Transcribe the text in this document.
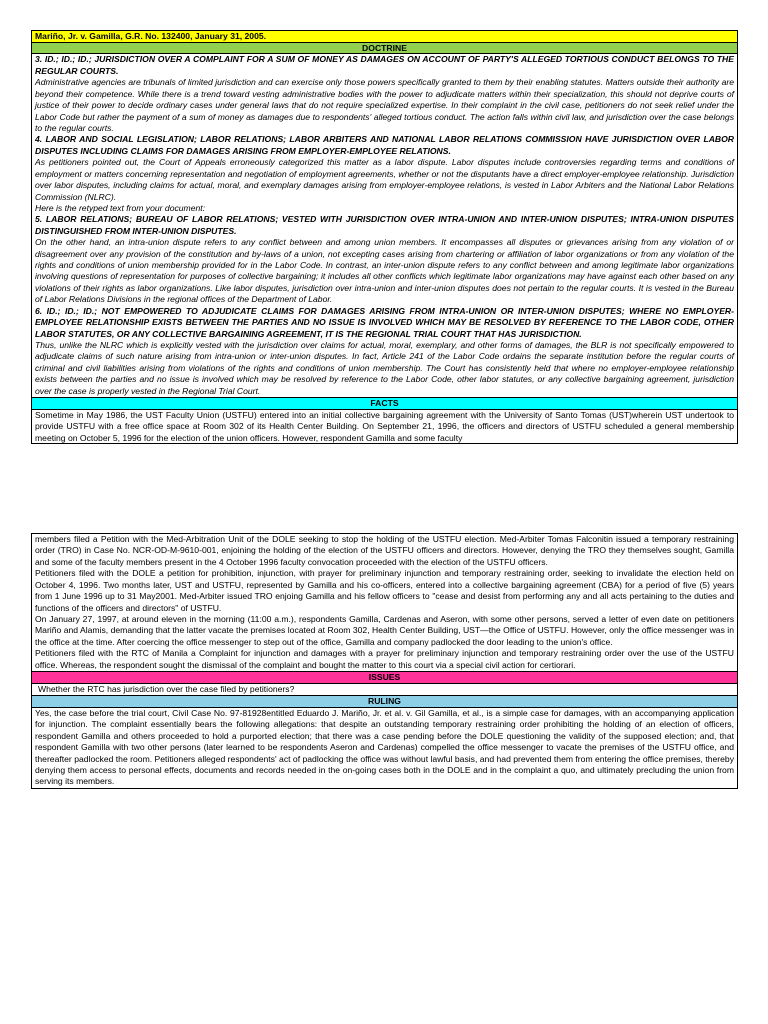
Mariño, Jr. v. Gamilla, G.R. No. 132400, January 31, 2005.
DOCTRINE

3. ID.; ID.; ID.; JURISDICTION OVER A COMPLAINT FOR A SUM OF MONEY AS DAMAGES ON ACCOUNT OF PARTY'S ALLEGED TORTIOUS CONDUCT BELONGS TO THE REGULAR COURTS.

Administrative agencies are tribunals of limited jurisdiction and can exercise only those powers specifically granted to them by their enabling statutes. Matters outside their authority are beyond their competence. While there is a trend toward vesting administrative bodies with the power to adjudicate matters within their specialization, this should not deprive courts of justice of their power to decide ordinary cases under general laws that do not require specialized expertise. In their complaint in the civil case, petitioners do not seek relief under the Labor Code but rather the payment of a sum of money as damages due to respondents' alleged tortious conduct. The action falls within civil law, and jurisdiction over the case belongs to the regular courts.

4. LABOR AND SOCIAL LEGISLATION; LABOR RELATIONS; LABOR ARBITERS AND NATIONAL LABOR RELATIONS COMMISSION HAVE JURISDICTION OVER LABOR DISPUTES INCLUDING CLAIMS FOR DAMAGES ARISING FROM EMPLOYER-EMPLOYEE RELATIONS.

As petitioners pointed out, the Court of Appeals erroneously categorized this matter as a labor dispute. Labor disputes include controversies regarding terms and conditions of employment or matters concerning representation and negotiation of employment agreements, whether or not the disputants have a direct employer-employee relationship. Jurisdiction over labor disputes, including claims for actual, moral, and exemplary damages arising from employer-employee relations, is vested in Labor Arbiters and the National Labor Relations Commission (NLRC).

Here is the retyped text from your document:

5. LABOR RELATIONS; BUREAU OF LABOR RELATIONS; VESTED WITH JURISDICTION OVER INTRA-UNION AND INTER-UNION DISPUTES; INTRA-UNION DISPUTES DISTINGUISHED FROM INTER-UNION DISPUTES.

On the other hand, an intra-union dispute refers to any conflict between and among union members. It encompasses all disputes or grievances arising from any violation of or disagreement over any provision of the constitution and by-laws of a union, not excepting cases arising from chartering or affiliation of labor organizations or from any violation of the rights and conditions of union membership provided for in the Labor Code. In contrast, an inter-union dispute refers to any conflict between and among legitimate labor organizations involving questions of representation for purposes of collective bargaining; it includes all other conflicts which legitimate labor organizations may have against each other based on any violations of their rights as labor organizations. Like labor disputes, jurisdiction over intra-union and inter-union disputes does not pertain to the regular courts. It is vested in the Bureau of Labor Relations Divisions in the regional offices of the Department of Labor.

6. ID.; ID.; ID.; NOT EMPOWERED TO ADJUDICATE CLAIMS FOR DAMAGES ARISING FROM INTRA-UNION OR INTER-UNION DISPUTES; WHERE NO EMPLOYER-EMPLOYEE RELATIONSHIP EXISTS BETWEEN THE PARTIES AND NO ISSUE IS INVOLVED WHICH MAY BE RESOLVED BY REFERENCE TO THE LABOR CODE, OTHER LABOR STATUTES, OR ANY COLLECTIVE BARGAINING AGREEMENT, IT IS THE REGIONAL TRIAL COURT THAT HAS JURISDICTION.

Thus, unlike the NLRC which is explicitly vested with the jurisdiction over claims for actual, moral, exemplary, and other forms of damages, the BLR is not specifically empowered to adjudicate claims of such nature arising from intra-union or inter-union disputes. In fact, Article 241 of the Labor Code ordains the separate institution before the regular courts of criminal and civil liabilities arising from violations of the rights and conditions of union membership. The Court has consistently held that where no employer-employee relationship exists between the parties and no issue is involved which may be resolved by reference to the Labor Code, other labor statutes, or any collective bargaining agreement, jurisdiction over the case is properly vested in the Regional Trial Court.

FACTS

Sometime in May 1986, the UST Faculty Union (USTFU) entered into an initial collective bargaining agreement with the University of Santo Tomas (UST)wherein UST undertook to provide USTFU with a free office space at Room 302 of its Health Center Building. On September 21, 1996, the officers and directors of USTFU scheduled a general membership meeting on October 5, 1996 for the election of the union officers. However, respondent Gamilla and some faculty

members filed a Petition with the Med-Arbitration Unit of the DOLE seeking to stop the holding of the USTFU election. Med-Arbiter Tomas Falconitin issued a temporary restraining order (TRO) in Case No. NCR-OD-M-9610-001, enjoining the holding of the election of the USTFU officers and directors. However, denying the TRO they themselves sought, Gamilla and some of the faculty members present in the 4 October 1996 faculty convocation proceeded with the election of the USTFU officers.

Petitioners filed with the DOLE a petition for prohibition, injunction, with prayer for preliminary injunction and temporary restraining order, seeking to invalidate the election held on October 4, 1996. Two months later, UST and USTFU, represented by Gamilla and his co-officers, entered into a collective bargaining agreement (CBA) for a period of five (5) years from 1 June 1996 up to 31 May2001. Med-Arbiter issued TRO enjoing Gamilla and his fellow officers to "cease and desist from performing any and all acts pertaining to the duties and functions of the officers and directors" of USTFU.

On January 27, 1997, at around eleven in the morning (11:00 a.m.), respondents Gamilla, Cardenas and Aseron, with some other persons, served a letter of even date on petitioners Mariño and Alamis, demanding that the latter vacate the premises located at Room 302, Health Center Building, UST—the Office of USTFU. However, only the office messenger was in the office at the time. After coercing the office messenger to step out of the office, Gamilla and company padlocked the door leading to the union's office.

Petitioners filed with the RTC of Manila a Complaint for injunction and damages with a prayer for preliminary injunction and temporary restraining order over the use of the USTFU office. Whereas, the respondent sought the dismissal of the complaint and bought the matter to this court via a special civil action for certiorari.

ISSUES

Whether the RTC has jurisdiction over the case filed by petitioners?

RULING

Yes, the case before the trial court, Civil Case No. 97-81928entitled Eduardo J. Mariño, Jr. et al. v. Gil Gamilla, et al., is a simple case for damages, with an accompanying application for injunction. The complaint essentially bears the following allegations: that despite an outstanding temporary restraining order prohibiting the holding of an election of officers, respondent Gamilla and others proceeded to hold a purported election; that there was a case pending before the DOLE questioning the validity of the supposed election; and, that respondent Gamilla with two other persons (later learned to be respondents Aseron and Cardenas) compelled the office messenger to vacate the premises of the USTFU office, and thereafter padlocked the room. Petitioners alleged respondents' act of padlocking the office was without lawful basis, and had prevented them from entering the office premises, thereby denying them access to personal effects, documents and records needed in the on-going cases both in the DOLE and in the complaint a quo, and ultimately precluding the union from serving its members.
